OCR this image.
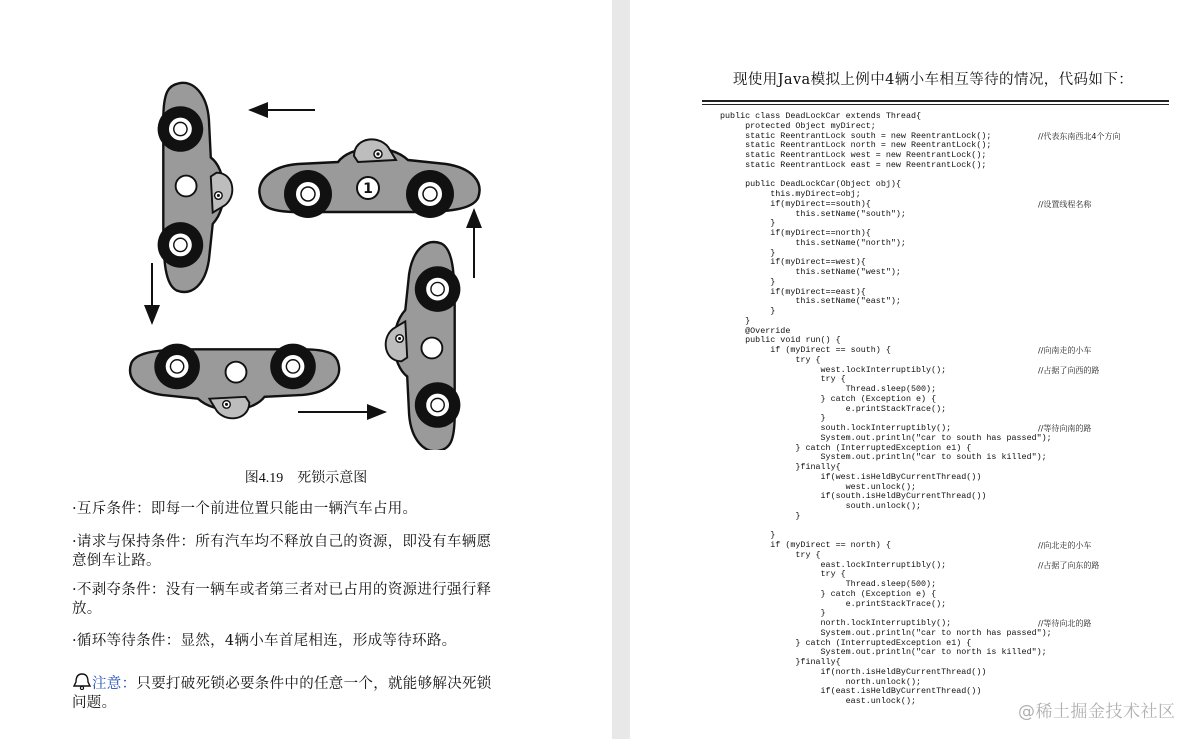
1
图4.19 死锁示意图
·互斥条件：即每一个前进位置只能由一辆汽车占用。
·请求与保持条件：所有汽车均不释放自己的资源，即没有车辆愿
意倒车让路。
·不剥夺条件：没有一辆车或者第三者对已占用的资源进行强行释
放。
·循环等待条件：显然，4辆小车首尾相连，形成等待环路。
注意：只要打破死锁必要条件中的任意一个，就能够解决死锁
问题。
现使用Java模拟上例中4辆小车相互等待的情况，代码如下：
public class DeadLockCar extends Thread{
protected Object myDirect;
static ReentrantLock south = new ReentrantLock();	//代表东南西北4个方向
static ReentrantLock north = new ReentrantLock();
static ReentrantLock west = new ReentrantLock();
static ReentrantLock east = new ReentrantLock();
public DeadLockCar(Object obj){
this.myDirect=obj;
if(myDirect==south){	//设置线程名称
this.setName("south");
}
if(myDirect==north){
this.setName("north");
}
if(myDirect==west){
this.setName("west");
}
if(myDirect==east){
this.setName("east");
}
}
@Override
public void run() {
if (myDirect == south) {	//向南走的小车
try {
west.lockInterruptibly();	//占据了向西的路
try {
Thread.sleep(500);
} catch (Exception e) {
e.printStackTrace();
}
south.lockInterruptibly();	//等待向南的路
System.out.println("car to south has passed");
} catch (InterruptedException e1) {
System.out.println("car to south is killed");
}finally{
if(west.isHeldByCurrentThread())
west.unlock();
if(south.isHeldByCurrentThread())
south.unlock();
}
}
if (myDirect == north) {	//向北走的小车
try {
east.lockInterruptibly();	//占据了向东的路
try {
Thread.sleep(500);
} catch (Exception e) {
e.printStackTrace();
}
north.lockInterruptibly();	//等待向北的路
System.out.println("car to north has passed");
} catch (InterruptedException e1) {
System.out.println("car to north is killed");
}finally{
if(north.isHeldByCurrentThread())
north.unlock();
if(east.isHeldByCurrentThread())
east.unlock();
@稀土掘金技术社区
